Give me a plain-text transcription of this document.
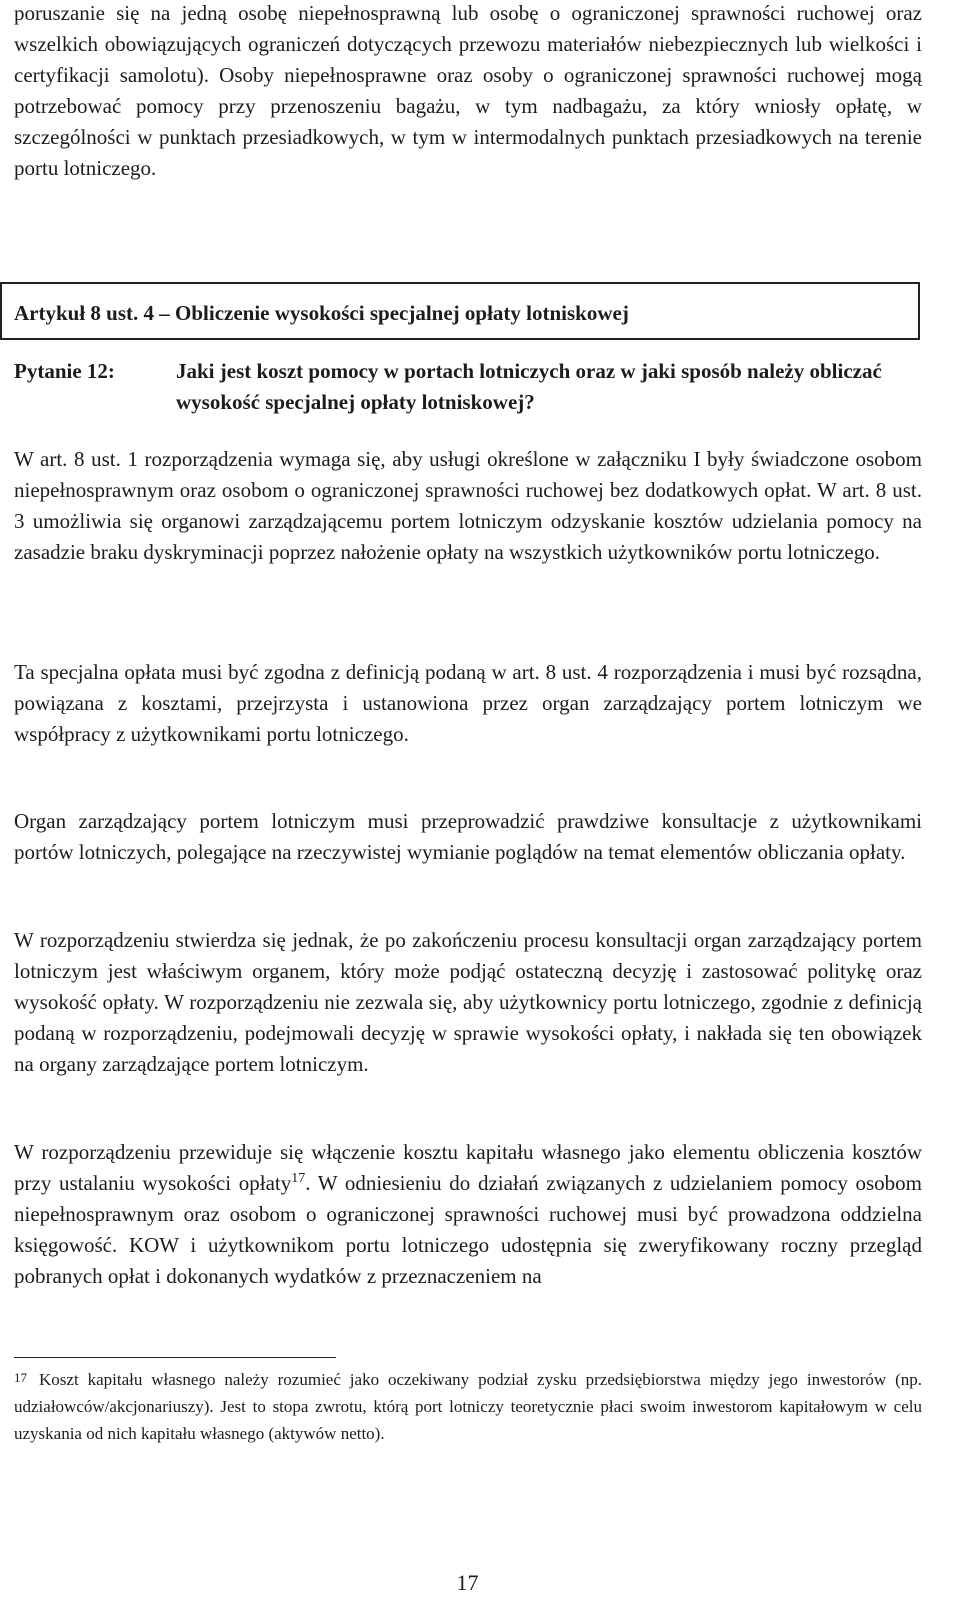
poruszanie się na jedną osobę niepełnosprawną lub osobę o ograniczonej sprawności ruchowej oraz wszelkich obowiązujących ograniczeń dotyczących przewozu materiałów niebezpiecznych lub wielkości i certyfikacji samolotu). Osoby niepełnosprawne oraz osoby o ograniczonej sprawności ruchowej mogą potrzebować pomocy przy przenoszeniu bagażu, w tym nadbagażu, za który wniosły opłatę, w szczególności w punktach przesiadkowych, w tym w intermodalnych punktach przesiadkowych na terenie portu lotniczego.

Artykuł 8 ust. 4 – Obliczenie wysokości specjalnej opłaty lotniskowej

Pytanie 12:	Jaki jest koszt pomocy w portach lotniczych oraz w jaki sposób należy obliczać wysokość specjalnej opłaty lotniskowej?

W art. 8 ust. 1 rozporządzenia wymaga się, aby usługi określone w załączniku I były świadczone osobom niepełnosprawnym oraz osobom o ograniczonej sprawności ruchowej bez dodatkowych opłat. W art. 8 ust. 3 umożliwia się organowi zarządzającemu portem lotniczym odzyskanie kosztów udzielania pomocy na zasadzie braku dyskryminacji poprzez nałożenie opłaty na wszystkich użytkowników portu lotniczego.

Ta specjalna opłata musi być zgodna z definicją podaną w art. 8 ust. 4 rozporządzenia i musi być rozsądna, powiązana z kosztami, przejrzysta i ustanowiona przez organ zarządzający portem lotniczym we współpracy z użytkownikami portu lotniczego.

Organ zarządzający portem lotniczym musi przeprowadzić prawdziwe konsultacje z użytkownikami portów lotniczych, polegające na rzeczywistej wymianie poglądów na temat elementów obliczania opłaty.

W rozporządzeniu stwierdza się jednak, że po zakończeniu procesu konsultacji organ zarządzający portem lotniczym jest właściwym organem, który może podjąć ostateczną decyzję i zastosować politykę oraz wysokość opłaty. W rozporządzeniu nie zezwala się, aby użytkownicy portu lotniczego, zgodnie z definicją podaną w rozporządzeniu, podejmowali decyzję w sprawie wysokości opłaty, i nakłada się ten obowiązek na organy zarządzające portem lotniczym.

W rozporządzeniu przewiduje się włączenie kosztu kapitału własnego jako elementu obliczenia kosztów przy ustalaniu wysokości opłaty$^{17}$. W odniesieniu do działań związanych z udzielaniem pomocy osobom niepełnosprawnym oraz osobom o ograniczonej sprawności ruchowej musi być prowadzona oddzielna księgowość. KOW i użytkownikom portu lotniczego udostępnia się zweryfikowany roczny przegląd pobranych opłat i dokonanych wydatków z przeznaczeniem na

$^{17}$ Koszt kapitału własnego należy rozumieć jako oczekiwany podział zysku przedsiębiorstwa między jego inwestorów (np. udziałowców/akcjonariuszy). Jest to stopa zwrotu, którą port lotniczy teoretycznie płaci swoim inwestorom kapitałowym w celu uzyskania od nich kapitału własnego (aktywów netto).

17
